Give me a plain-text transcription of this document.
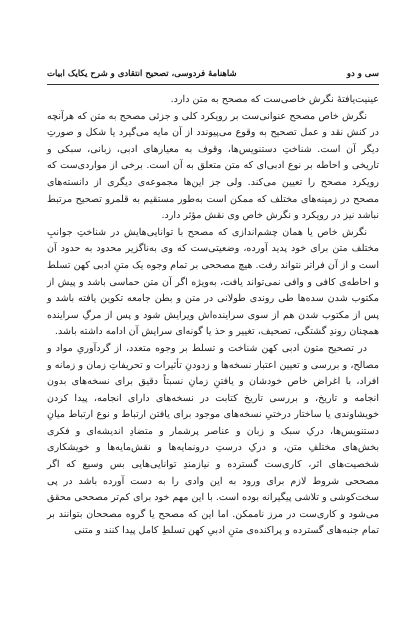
سی و دو
شاهنامهٔ فردوسی، تصحیح انتقادی و شرح یکایک ابیات

عینیت‌یافتهٔ نگرش خاصی‌ست که مصحح به متن دارد.

نگرش خاص مصحح عنوانی‌ست بر رویکرد کلی و جزئی مصحح به متن که هرآنچه در کنش نقد و عمل تصحیح به وقوع می‌پیوندد از آن مایه می‌گیرد یا شکل و صورتِ دیگر آن است. شناختِ دستنویس‌ها، وقوف به معیارهای ادبی، زبانی، سبکی و تاریخی و احاطه بر نوع ادبی‌ای که متن متعلق به آن است. برخی از مواردی‌ست که رویکرد مصحح را تعیین می‌کند. ولی جز این‌ها مجموعه‌ی دیگری از دانسته‌های مصحح در زمینه‌های مختلف که ممکن است به‌طور مستقیم به قلمرو تصحیح مرتبط نباشد نیز در رویکرد و نگرش خاص وی نقش مؤثر دارد.

نگرش خاص یا همان چشم‌اندازی که مصحح با توانایی‌هایش در شناختِ جوانبِ مختلف متن برای خود پدید آورده، وضعیتی‌ست که وی به‌ناگزیر محدود به حدود آن است و از آن فراتر نتواند رفت. هیچ مصححی بر تمام وجوه یک متنِ ادبی کهن تسلط و احاطه‌ی کافی و وافی نمی‌تواند یافت، به‌ویژه اگر آن متن حماسی باشد و پیش از مکتوب شدن سده‌ها طی روندی طولانی در متن و بطن جامعه تکوین یافته باشد و پس از مکتوب شدن هم از سوی سراینده‌اش ویرایش شود و پس از مرگِ سراینده همچنان روندِ گشتگی، تصحیف، تغییر و حذ یا گونه‌ای سرایش آن ادامه داشته باشد.

در تصحیح متون ادبی کهن شناخت و تسلط بر وجوه متعدد، از گردآوریِ مواد و مصالح، و بررسی و تعیین اعتبار نسخه‌ها و زدودنِ تأثیرات و تحریفاتِ زمان و زمانه و افراد، با اغراض خاص خودشان و یافتنِ زمانِ نسبتاً دقیق برای نسخه‌های بدون انجامه و تاریخ، و بررسی تاریخ کتابت در نسخه‌های دارای انجامه، پیدا کردن خویشاوندی یا ساختار درختیِ نسخه‌های موجود برای یافتن ارتباط و نوع ارتباط میانِ دستنویس‌ها، درکِ سبک و زبان و عناصر پرشمار و متضادِ اندیشه‌ای و فکری بخش‌های مختلفِ متن، و درکِ درستِ درونمایه‌ها و نقش‌مایه‌ها و خویشکاری شخصیت‌های اثر، کاری‌ست گسترده و نیازمندِ توانایی‌هایی بس وسیع که اگر مصححی شروط لازم برای ورود به این وادی را به دست آورده باشد در پی سخت‌کوشی و تلاشی پیگیرانه بوده است. با این مهم خود برای کم‌تر مصححی محقق می‌شود و کاری‌ست در مرز ناممکن. اما این که مصحح یا گروه مصححان بتوانند بر تمام جنبه‌های گسترده و پراکنده‌ی متنِ ادبیِ کهن تسلطِ کامل پیدا کنند و متنی
